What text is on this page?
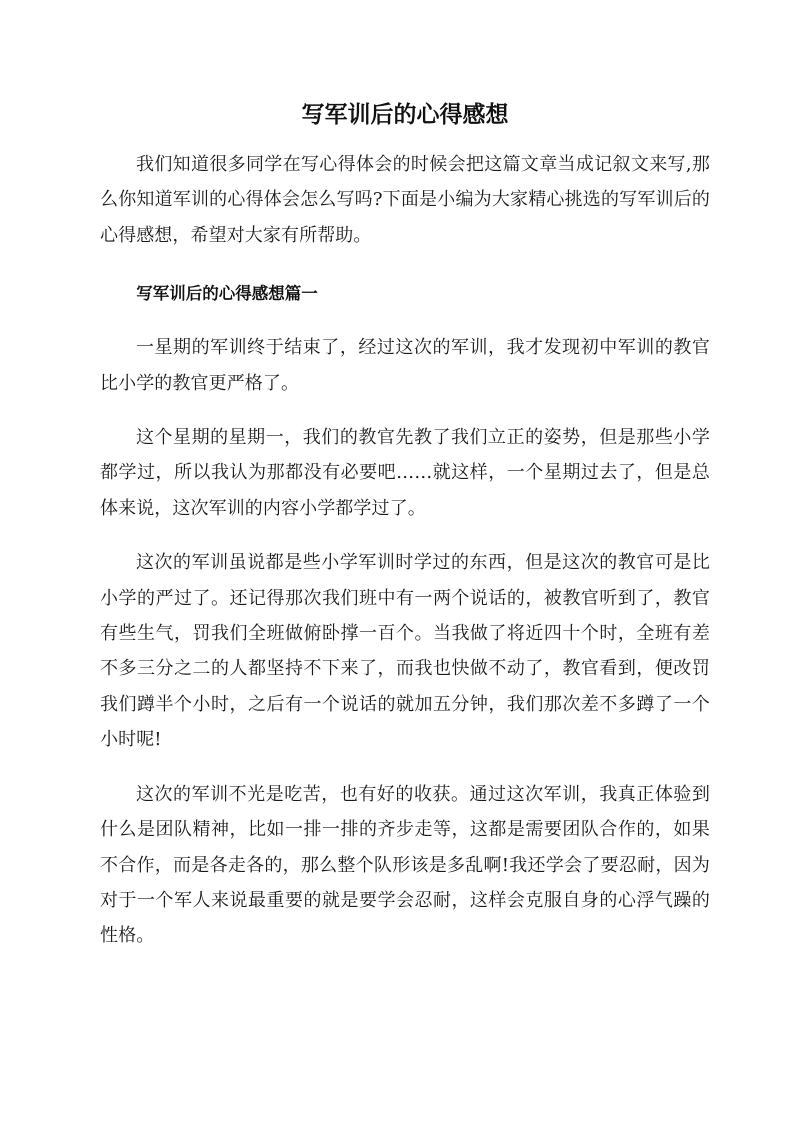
写军训后的心得感想

我们知道很多同学在写心得体会的时候会把这篇文章当成记叙文来写,那么你知道军训的心得体会怎么写吗?下面是小编为大家精心挑选的写军训后的心得感想，希望对大家有所帮助。

写军训后的心得感想篇一

一星期的军训终于结束了，经过这次的军训，我才发现初中军训的教官比小学的教官更严格了。

这个星期的星期一，我们的教官先教了我们立正的姿势，但是那些小学都学过，所以我认为那都没有必要吧……就这样，一个星期过去了，但是总体来说，这次军训的内容小学都学过了。

这次的军训虽说都是些小学军训时学过的东西，但是这次的教官可是比小学的严过了。还记得那次我们班中有一两个说话的，被教官听到了，教官有些生气，罚我们全班做俯卧撑一百个。当我做了将近四十个时，全班有差不多三分之二的人都坚持不下来了，而我也快做不动了，教官看到，便改罚我们蹲半个小时，之后有一个说话的就加五分钟，我们那次差不多蹲了一个小时呢!

这次的军训不光是吃苦，也有好的收获。通过这次军训，我真正体验到什么是团队精神，比如一排一排的齐步走等，这都是需要团队合作的，如果不合作，而是各走各的，那么整个队形该是多乱啊!我还学会了要忍耐，因为对于一个军人来说最重要的就是要学会忍耐，这样会克服自身的心浮气躁的性格。
